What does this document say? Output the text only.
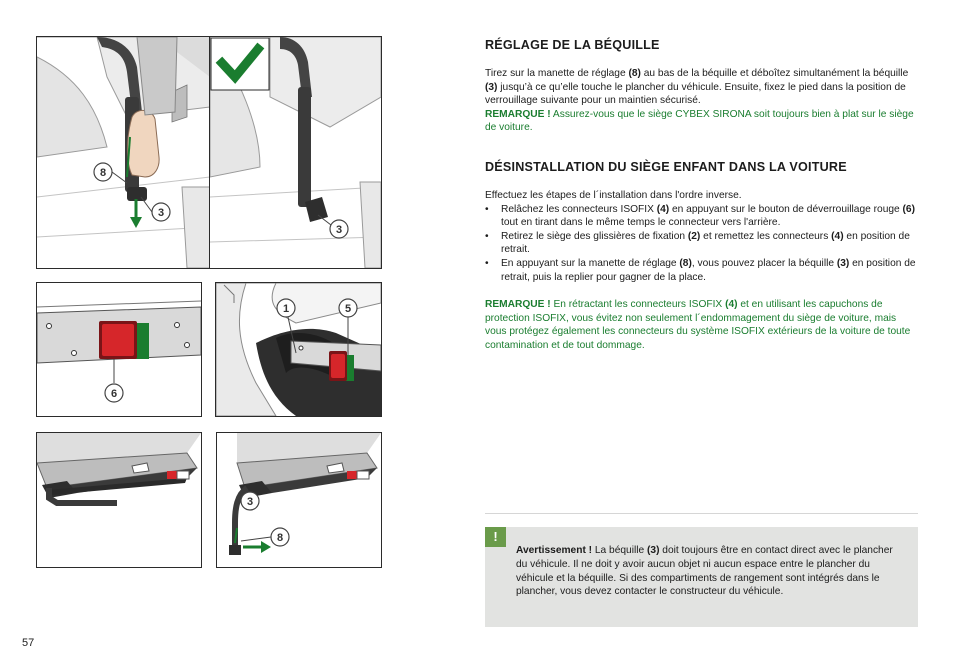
8
3
3
6
1	5
3
8
RÉGLAGE DE LA BÉQUILLE
Tirez sur la manette de réglage (8) au bas de la béquille et déboîtez simultanément la béquille (3) jusqu’à ce qu’elle touche le plancher du véhicule. Ensuite, fixez le pied dans la position de verrouillage suivante pour un maintien sécurisé.
REMARQUE ! Assurez-vous que le siège CYBEX SIRONA soit toujours bien à plat sur le siège de voiture.
DÉSINSTALLATION DU SIÈGE ENFANT DANS LA VOITURE
Effectuez les étapes de l´installation dans l'ordre inverse.
• Relâchez les connecteurs ISOFIX (4) en appuyant sur le bouton de déverrouillage rouge (6) tout en tirant dans le même temps le connecteur vers l'arrière.
• Retirez le siège des glissières de fixation (2) et remettez les connecteurs (4) en position de retrait.
• En appuyant sur la manette de réglage (8), vous pouvez placer la béquille (3) en position de retrait, puis la replier pour gagner de la place.
REMARQUE ! En rétractant les connecteurs ISOFIX (4) et en utilisant les capuchons de protection ISOFIX, vous évitez non seulement l´endommagement du siège de voiture, mais vous protégez également les connecteurs du système ISOFIX extérieurs de la voiture de toute contamination et de tout dommage.
!
Avertissement ! La béquille (3) doit toujours être en contact direct avec le plancher du véhicule. Il ne doit y avoir aucun objet ni aucun espace entre le plancher du véhicule et la béquille. Si des compartiments de rangement sont intégrés dans le plancher, vous devez contacter le constructeur du véhicule.
57
